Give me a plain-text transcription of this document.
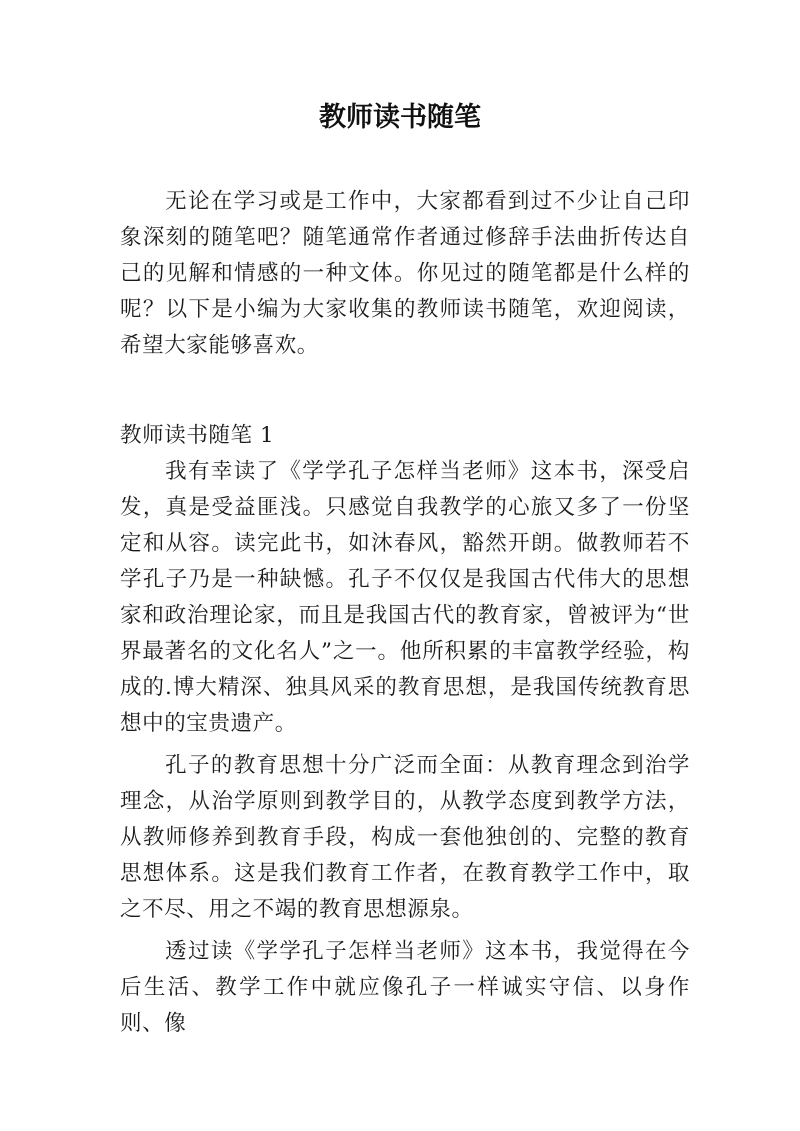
教师读书随笔

无论在学习或是工作中，大家都看到过不少让自己印象深刻的随笔吧？随笔通常作者通过修辞手法曲折传达自己的见解和情感的一种文体。你见过的随笔都是什么样的呢？以下是小编为大家收集的教师读书随笔，欢迎阅读，希望大家能够喜欢。

教师读书随笔 1

我有幸读了《学学孔子怎样当老师》这本书，深受启发，真是受益匪浅。只感觉自我教学的心旅又多了一份坚定和从容。读完此书，如沐春风，豁然开朗。做教师若不学孔子乃是一种缺憾。孔子不仅仅是我国古代伟大的思想家和政治理论家，而且是我国古代的教育家，曾被评为“世界最著名的文化名人”之一。他所积累的丰富教学经验，构成的.博大精深、独具风采的教育思想，是我国传统教育思想中的宝贵遗产。

孔子的教育思想十分广泛而全面：从教育理念到治学理念，从治学原则到教学目的，从教学态度到教学方法，从教师修养到教育手段，构成一套他独创的、完整的教育思想体系。这是我们教育工作者，在教育教学工作中，取之不尽、用之不竭的教育思想源泉。

透过读《学学孔子怎样当老师》这本书，我觉得在今后生活、教学工作中就应像孔子一样诚实守信、以身作则、像
